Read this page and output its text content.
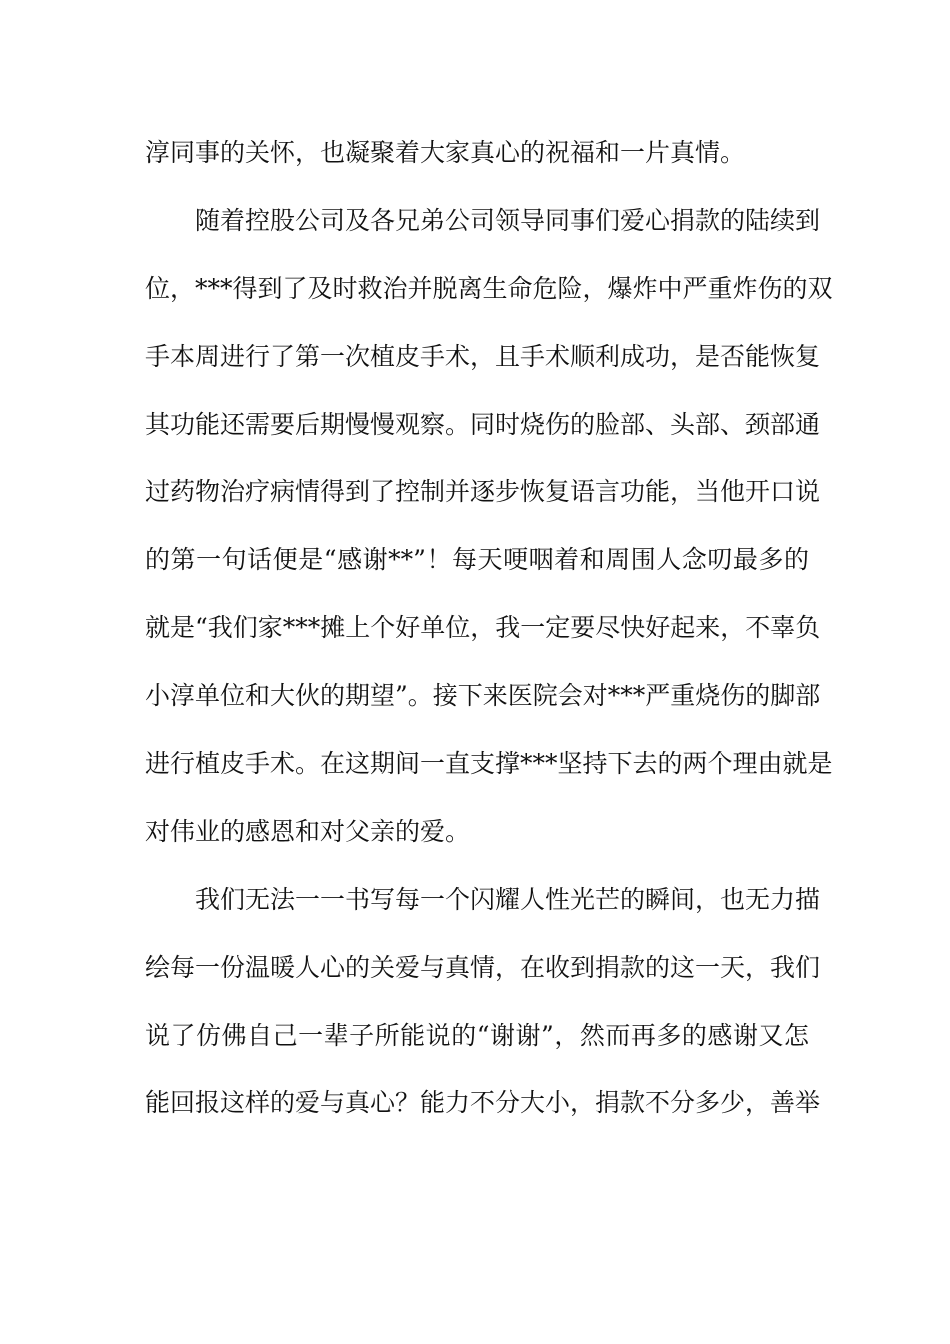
淳同事的关怀，也凝聚着大家真心的祝福和一片真情。
随着控股公司及各兄弟公司领导同事们爱心捐款的陆续到
位，***得到了及时救治并脱离生命危险，爆炸中严重炸伤的双
手本周进行了第一次植皮手术，且手术顺利成功，是否能恢复
其功能还需要后期慢慢观察。同时烧伤的脸部、头部、颈部通
过药物治疗病情得到了控制并逐步恢复语言功能，当他开口说
的第一句话便是“感谢**”！每天哽咽着和周围人念叨最多的
就是“我们家***摊上个好单位，我一定要尽快好起来，不辜负
小淳单位和大伙的期望”。接下来医院会对***严重烧伤的脚部
进行植皮手术。在这期间一直支撑***坚持下去的两个理由就是
对伟业的感恩和对父亲的爱。
我们无法一一书写每一个闪耀人性光芒的瞬间，也无力描
绘每一份温暖人心的关爱与真情，在收到捐款的这一天，我们
说了仿佛自己一辈子所能说的“谢谢”，然而再多的感谢又怎
能回报这样的爱与真心？能力不分大小，捐款不分多少，善举
